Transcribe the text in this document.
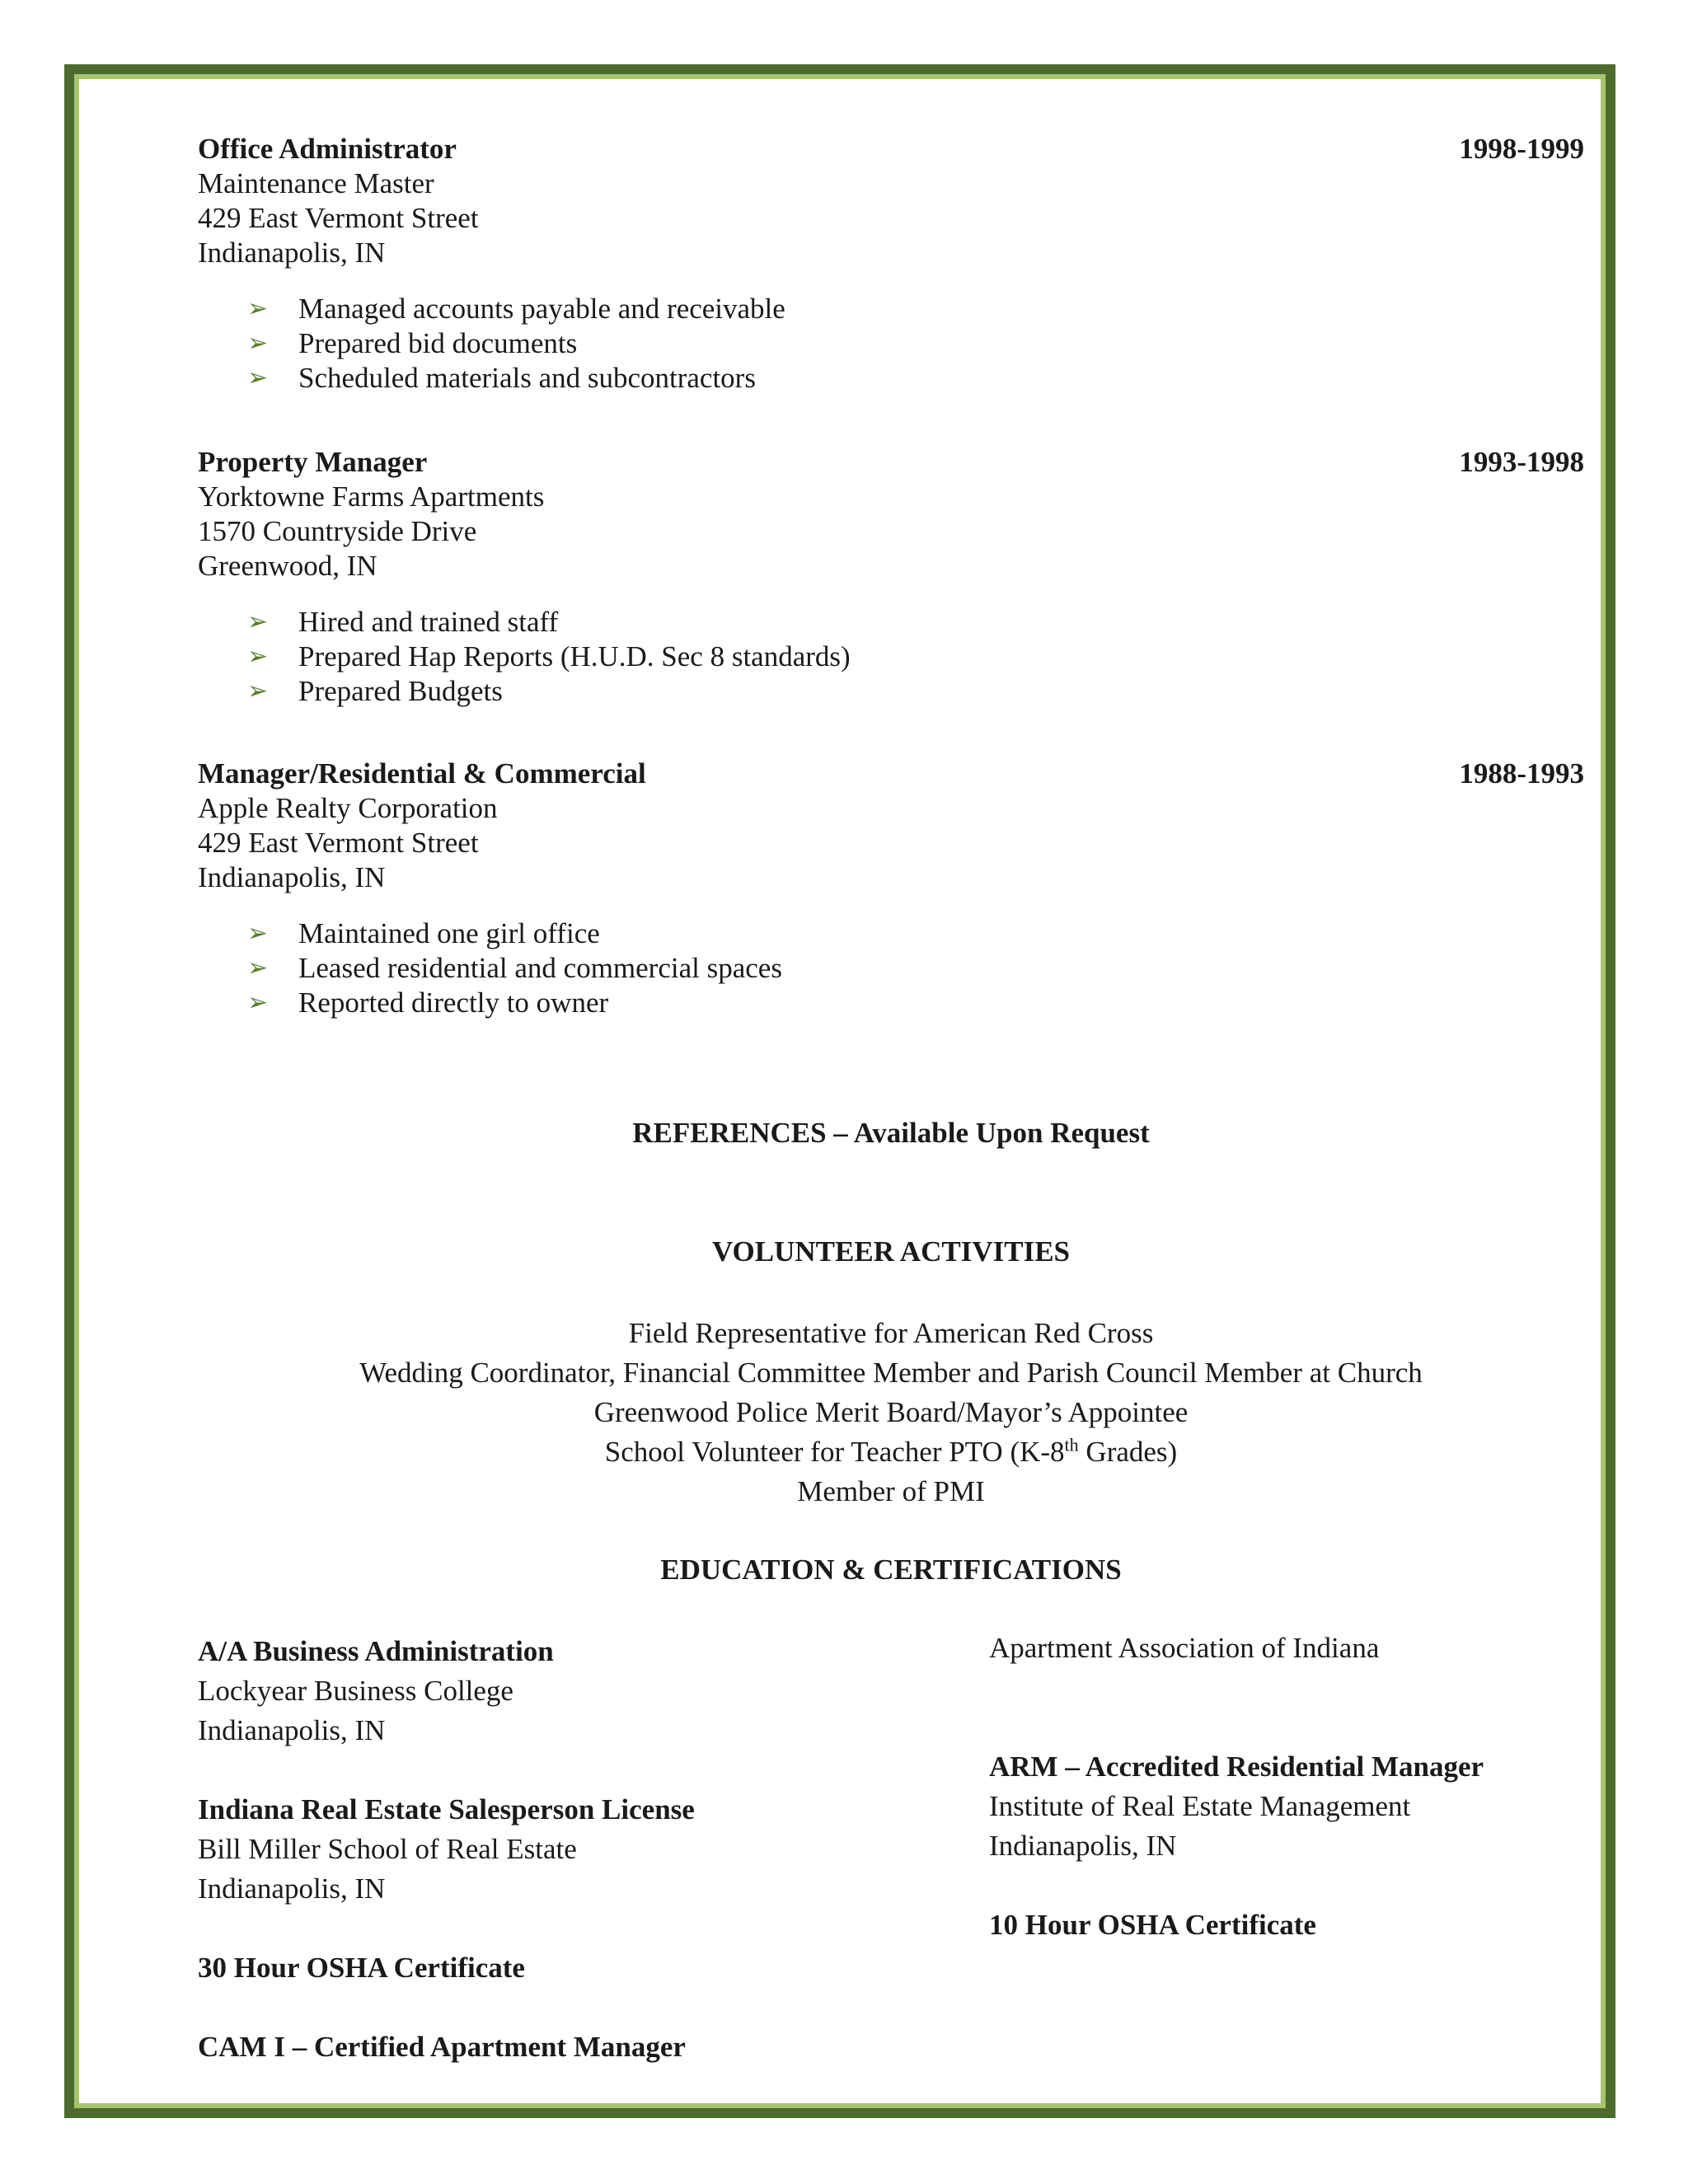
Office Administrator	1998-1999
Maintenance Master
429 East Vermont Street
Indianapolis, IN
➢	Managed accounts payable and receivable
➢	Prepared bid documents
➢	Scheduled materials and subcontractors
Property Manager	1993-1998
Yorktowne Farms Apartments
1570 Countryside Drive
Greenwood, IN
➢	Hired and trained staff
➢	Prepared Hap Reports (H.U.D. Sec 8 standards)
➢	Prepared Budgets
Manager/Residential & Commercial	1988-1993
Apple Realty Corporation
429 East Vermont Street
Indianapolis, IN
➢	Maintained one girl office
➢	Leased residential and commercial spaces
➢	Reported directly to owner
REFERENCES – Available Upon Request
VOLUNTEER ACTIVITIES
Field Representative for American Red Cross
Wedding Coordinator, Financial Committee Member and Parish Council Member at Church
Greenwood Police Merit Board/Mayor’s Appointee
School Volunteer for Teacher PTO (K-8th Grades)
Member of PMI
EDUCATION & CERTIFICATIONS
A/A Business Administration
Lockyear Business College
Indianapolis, IN
Indiana Real Estate Salesperson License
Bill Miller School of Real Estate
Indianapolis, IN
30 Hour OSHA Certificate
CAM I – Certified Apartment Manager
Apartment Association of Indiana
ARM – Accredited Residential Manager
Institute of Real Estate Management
Indianapolis, IN
10 Hour OSHA Certificate
